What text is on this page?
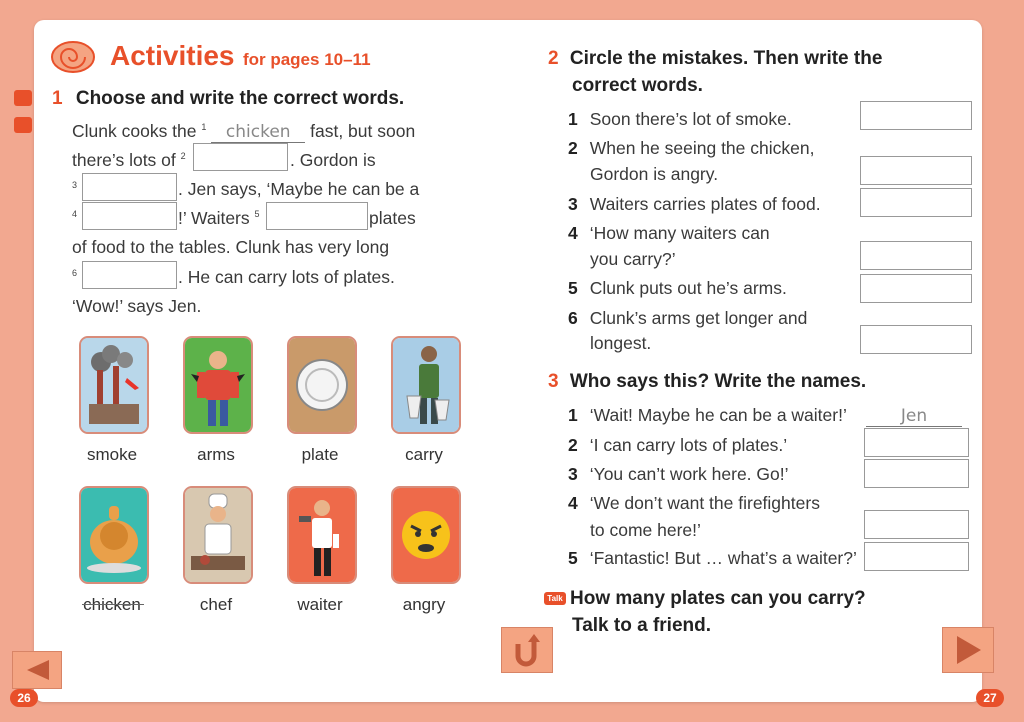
Activities for pages 10–11
1 Choose and write the correct words.
Clunk cooks the $^1$ chicken fast, but soon
there’s lots of $^2$	. Gordon is
$^3$	. Jen says, ‘Maybe he can be a
$^4$	!’ Waiters $^5$	plates
of food to the tables. Clunk has very long
$^6$	. He can carry lots of plates.
‘Wow!’ says Jen.
smoke	arms	plate	carry
chicken	chef	waiter	angry
2 Circle the mistakes. Then write the
correct words.
1 Soon there’s lot of smoke.
2 When he seeing the chicken,
Gordon is angry.
3 Waiters carries plates of food.
4 ‘How many waiters can
you carry?’
5 Clunk puts out he’s arms.
6 Clunk’s arms get longer and
longest.
3 Who says this? Write the names.
1 ‘Wait! Maybe he can be a waiter!’	Jen
2 ‘I can carry lots of plates.’
3 ‘You can’t work here. Go!’
4 ‘We don’t want the firefighters
to come here!’
5 ‘Fantastic! But … what’s a waiter?’
Talk How many plates can you carry?
Talk to a friend.
26	27
